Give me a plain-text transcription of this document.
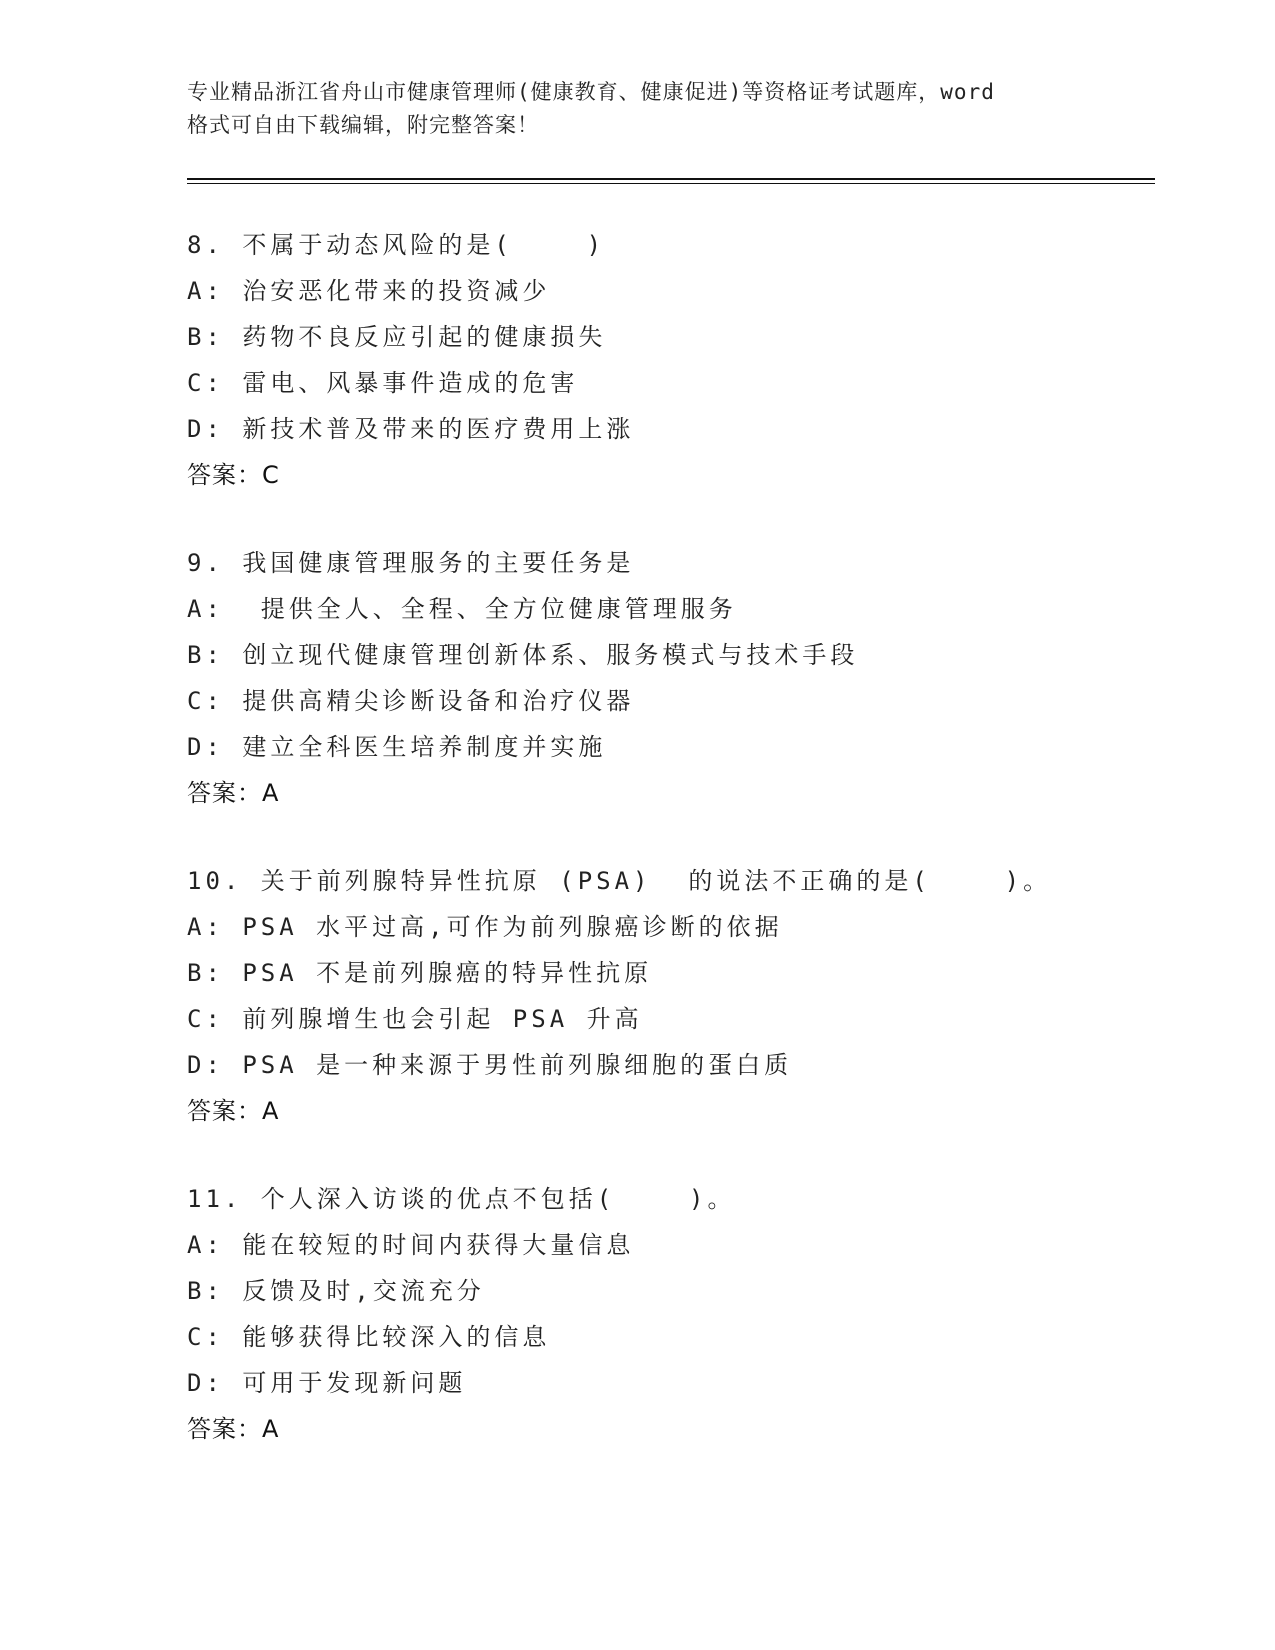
专业精品浙江省舟山市健康管理师(健康教育、健康促进)等资格证考试题库，word
格式可自由下载编辑，附完整答案！
8. 不属于动态风险的是(    )
A: 治安恶化带来的投资减少
B: 药物不良反应引起的健康损失
C: 雷电、风暴事件造成的危害
D: 新技术普及带来的医疗费用上涨
答案：C
9. 我国健康管理服务的主要任务是
A:  提供全人、全程、全方位健康管理服务
B: 创立现代健康管理创新体系、服务模式与技术手段
C: 提供高精尖诊断设备和治疗仪器
D: 建立全科医生培养制度并实施
答案：A
10. 关于前列腺特异性抗原 (PSA)  的说法不正确的是(    )。
A: PSA 水平过高,可作为前列腺癌诊断的依据
B: PSA 不是前列腺癌的特异性抗原
C: 前列腺增生也会引起 PSA 升高
D: PSA 是一种来源于男性前列腺细胞的蛋白质
答案：A
11. 个人深入访谈的优点不包括(    )。
A: 能在较短的时间内获得大量信息
B: 反馈及时,交流充分
C: 能够获得比较深入的信息
D: 可用于发现新问题
答案：A
